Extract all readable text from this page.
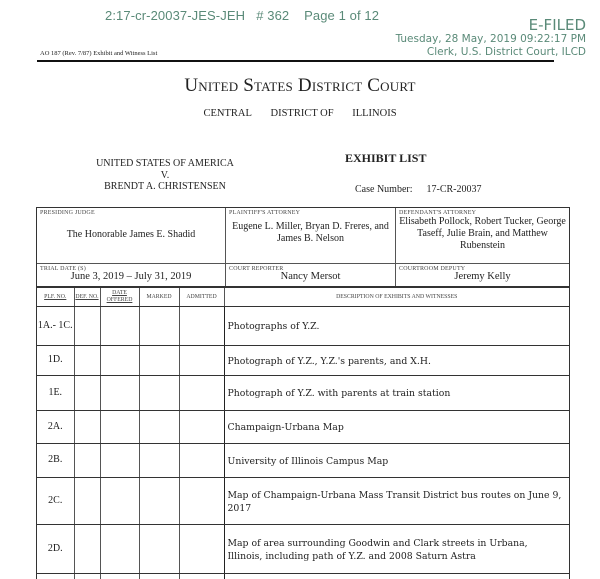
2:17-cr-20037-JES-JEH   # 362    Page 1 of 12
E-FILED
Tuesday, 28 May, 2019 09:22:17 PM
Clerk, U.S. District Court, ILCD
AO 187 (Rev. 7/87) Exhibit and Witness List
United States District Court
CENTRAL DISTRICT OF ILLINOIS
UNITED STATES OF AMERICA
V.
BRENDT A. CHRISTENSEN
EXHIBIT LIST
Case Number: 17-CR-20037
PRESIDING JUDGE
The Honorable James E. Shadid
PLAINTIFF'S ATTORNEY
Eugene L. Miller, Bryan D. Freres, and James B. Nelson
DEFENDANT'S ATTORNEY
Elisabeth Pollock, Robert Tucker, George Taseff, Julie Brain, and Matthew Rubenstein
TRIAL DATE (S)
June 3, 2019 – July 31, 2019
COURT REPORTER
Nancy Mersot
COURTROOM DEPUTY
Jeremy Kelly
PLF. NO.	DEF. NO.	DATE OFFERED	MARKED	ADMITTED	DESCRIPTION OF EXHIBITS AND WITNESSES
1A.- 1C.					Photographs of Y.Z.
1D.					Photograph of Y.Z., Y.Z.'s parents, and X.H.
1E.					Photograph of Y.Z. with parents at train station
2A.					Champaign-Urbana Map
2B.					University of Illinois Campus Map
2C.					Map of Champaign-Urbana Mass Transit District bus routes on June 9, 2017
2D.					Map of area surrounding Goodwin and Clark streets in Urbana, Illinois, including path of Y.Z. and 2008 Saturn Astra
